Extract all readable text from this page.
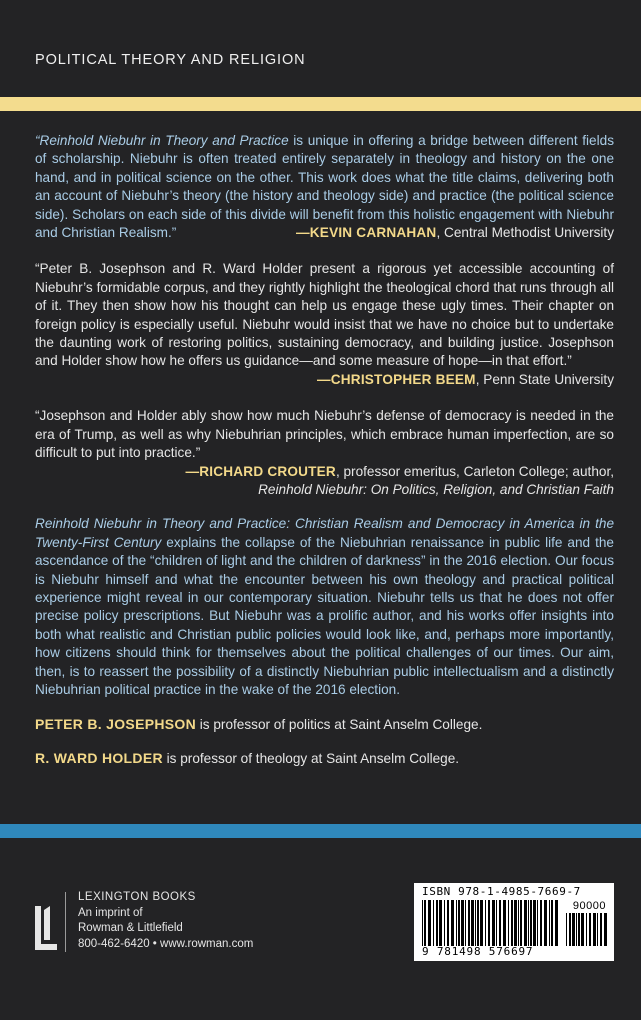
POLITICAL THEORY AND RELIGION
“Reinhold Niebuhr in Theory and Practice is unique in offering a bridge between different fields of scholarship. Niebuhr is often treated entirely separately in theology and history on the one hand, and in political science on the other. This work does what the title claims, delivering both an account of Niebuhr’s theory (the history and theology side) and practice (the political science side). Scholars on each side of this divide will benefit from this holistic engagement with Niebuhr and Christian Realism.”	—KEVIN CARNAHAN, Central Methodist University
“Peter B. Josephson and R. Ward Holder present a rigorous yet accessible accounting of Niebuhr’s formidable corpus, and they rightly highlight the theological chord that runs through all of it. They then show how his thought can help us engage these ugly times. Their chapter on foreign policy is especially useful. Niebuhr would insist that we have no choice but to undertake the daunting work of restoring politics, sustaining democracy, and building justice. Josephson and Holder show how he offers us guidance—and some measure of hope—in that effort.”
—CHRISTOPHER BEEM, Penn State University
“Josephson and Holder ably show how much Niebuhr’s defense of democracy is needed in the era of Trump, as well as why Niebuhrian principles, which embrace human imperfection, are so difficult to put into practice.”
—RICHARD CROUTER, professor emeritus, Carleton College; author,
Reinhold Niebuhr: On Politics, Religion, and Christian Faith
Reinhold Niebuhr in Theory and Practice: Christian Realism and Democracy in America in the Twenty-First Century explains the collapse of the Niebuhrian renaissance in public life and the ascendance of the “children of light and the children of darkness” in the 2016 election. Our focus is Niebuhr himself and what the encounter between his own theology and practical political experience might reveal in our contemporary situation. Niebuhr tells us that he does not offer precise policy prescriptions. But Niebuhr was a prolific author, and his works offer insights into both what realistic and Christian public policies would look like, and, perhaps more importantly, how citizens should think for themselves about the political challenges of our times. Our aim, then, is to reassert the possibility of a distinctly Niebuhrian public intellectualism and a distinctly Niebuhrian political practice in the wake of the 2016 election.
PETER B. JOSEPHSON is professor of politics at Saint Anselm College.
R. WARD HOLDER is professor of theology at Saint Anselm College.
LEXINGTON BOOKS
An imprint of
Rowman & Littlefield
800-462-6420 • www.rowman.com
ISBN 978-1-4985-7669-7
90000
9 781498 576697
